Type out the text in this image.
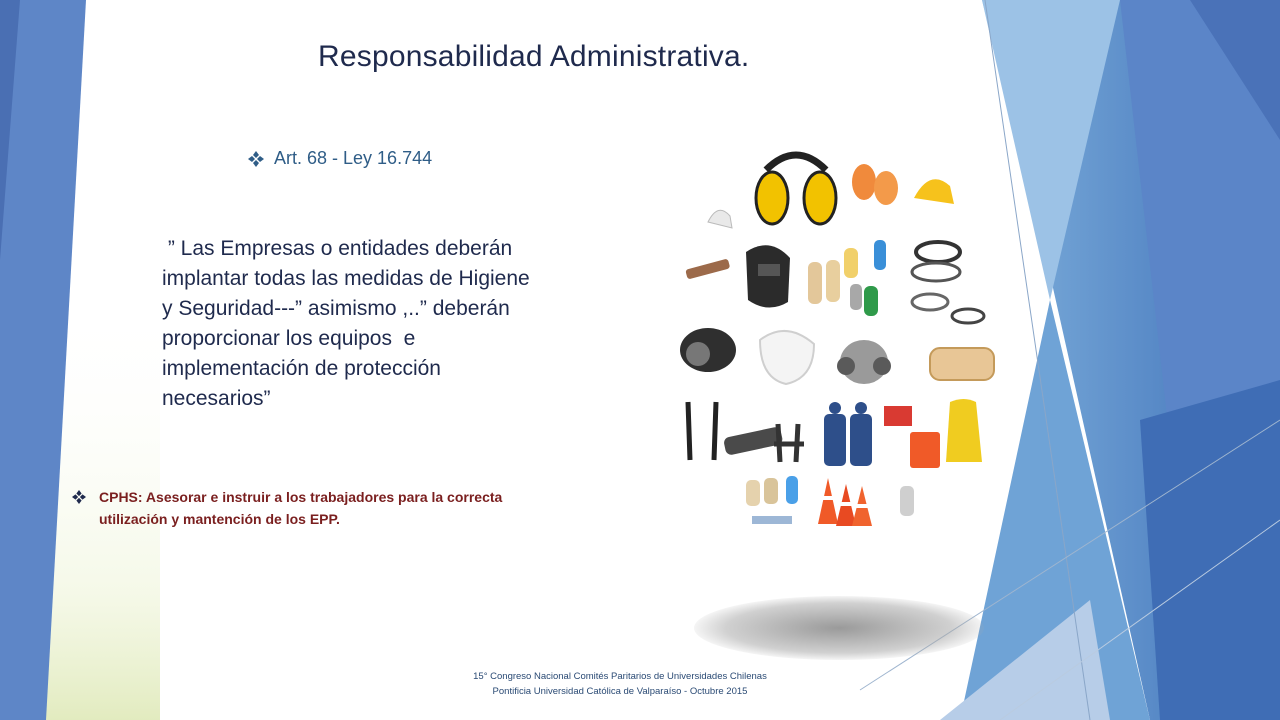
Responsabilidad Administrativa.
Art. 68 - Ley 16.744
” Las Empresas o entidades deberán
implantar todas las medidas de Higiene
y Seguridad---” asimismo ,..” deberán
proporcionar los equipos  e
implementación de protección
necesarios”
CPHS: Asesorar e instruir a los trabajadores para la correcta
utilización y mantención de los EPP.
15° Congreso Nacional Comités Paritarios de Universidades Chilenas
Pontificia Universidad Católica de Valparaíso - Octubre 2015
